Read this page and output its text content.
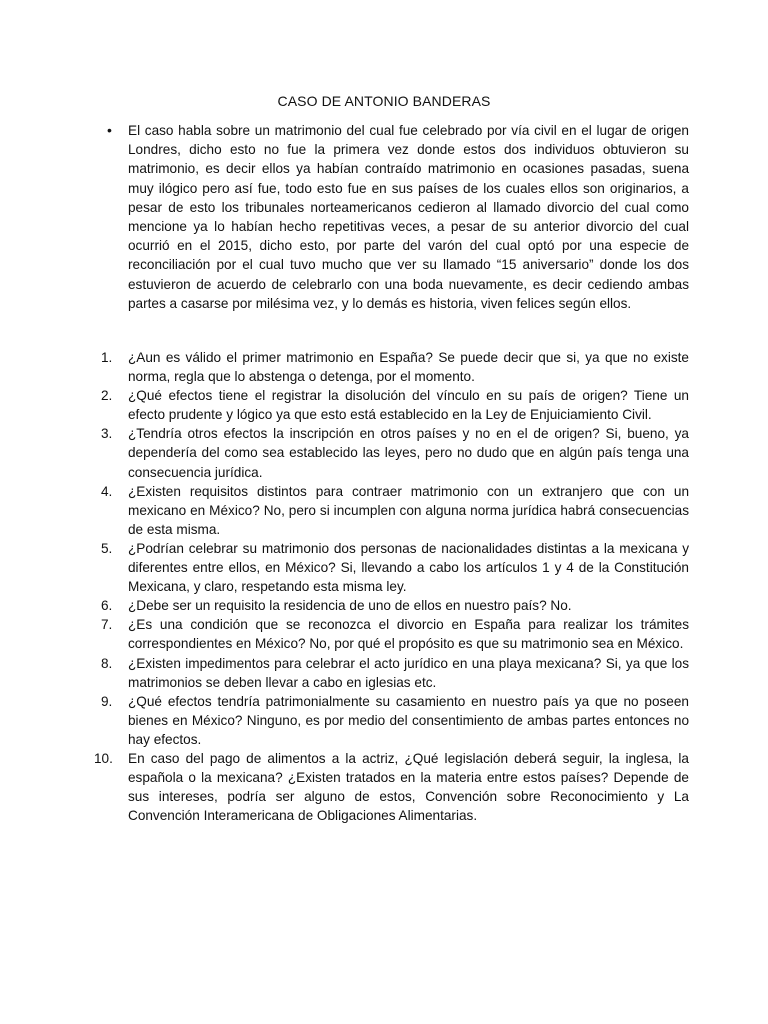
CASO DE ANTONIO BANDERAS
• El caso habla sobre un matrimonio del cual fue celebrado por vía civil en el lugar de origen Londres, dicho esto no fue la primera vez donde estos dos individuos obtuvieron su matrimonio, es decir ellos ya habían contraído matrimonio en ocasiones pasadas, suena muy ilógico pero así fue, todo esto fue en sus países de los cuales ellos son originarios, a pesar de esto los tribunales norteamericanos cedieron al llamado divorcio del cual como mencione ya lo habían hecho repetitivas veces, a pesar de su anterior divorcio del cual ocurrió en el 2015, dicho esto, por parte del varón del cual optó por una especie de reconciliación por el cual tuvo mucho que ver su llamado “15 aniversario” donde los dos estuvieron de acuerdo de celebrarlo con una boda nuevamente, es decir cediendo ambas partes a casarse por milésima vez, y lo demás es historia, viven felices según ellos.
1.	¿Aun es válido el primer matrimonio en España? Se puede decir que si, ya que no existe norma, regla que lo abstenga o detenga, por el momento.
2.	¿Qué efectos tiene el registrar la disolución del vínculo en su país de origen? Tiene un efecto prudente y lógico ya que esto está establecido en la Ley de Enjuiciamiento Civil.
3.	¿Tendría otros efectos la inscripción en otros países y no en el de origen? Si, bueno, ya dependería del como sea establecido las leyes, pero no dudo que en algún país tenga una consecuencia jurídica.
4.	¿Existen requisitos distintos para contraer matrimonio con un extranjero que con un mexicano en México? No, pero si incumplen con alguna norma jurídica habrá consecuencias de esta misma.
5.	¿Podrían celebrar su matrimonio dos personas de nacionalidades distintas a la mexicana y diferentes entre ellos, en México? Si, llevando a cabo los artículos 1 y 4 de la Constitución Mexicana, y claro, respetando esta misma ley.
6.	¿Debe ser un requisito la residencia de uno de ellos en nuestro país? No.
7.	¿Es una condición que se reconozca el divorcio en España para realizar los trámites correspondientes en México? No, por qué el propósito es que su matrimonio sea en México.
8.	¿Existen impedimentos para celebrar el acto jurídico en una playa mexicana? Si, ya que los matrimonios se deben llevar a cabo en iglesias etc.
9.	¿Qué efectos tendría patrimonialmente su casamiento en nuestro país ya que no poseen bienes en México? Ninguno, es por medio del consentimiento de ambas partes entonces no hay efectos.
10.	En caso del pago de alimentos a la actriz, ¿Qué legislación deberá seguir, la inglesa, la española o la mexicana? ¿Existen tratados en la materia entre estos países? Depende de sus intereses, podría ser alguno de estos, Convención sobre Reconocimiento y La Convención Interamericana de Obligaciones Alimentarias.
